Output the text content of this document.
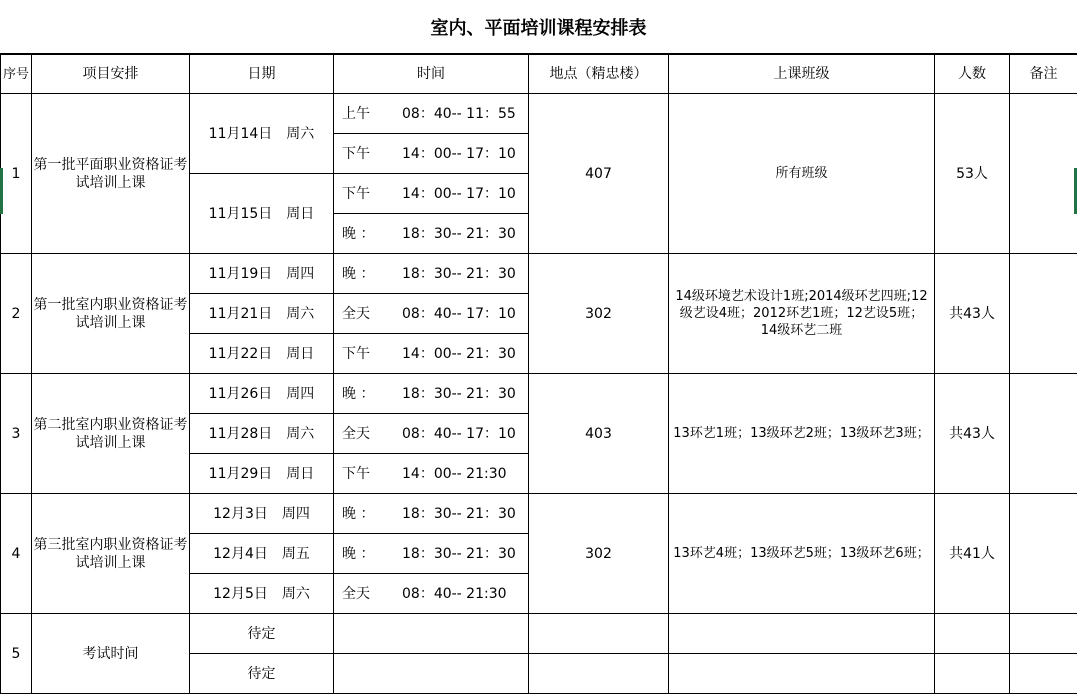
室内、平面培训课程安排表
序号	项目安排	日期	时间	地点（精忠楼）	上课班级	人数	备注
1	第一批平面职业资格证考试培训上课	11月14日　周六	上午 08：40-- 11：55	407	所有班级	53人	

			下午 14：00-- 17：10				

		11月15日　周日	下午 14：00-- 17：10				

			晚 ： 18：30-- 21：30				

2	第一批室内职业资格证考试培训上课	11月19日　周四	晚 ： 18：30-- 21：30	302	14级环境艺术设计1班;2014级环艺四班;12级艺设4班；2012环艺1班；12艺设5班；14级环艺二班	共43人	
		11月21日　周六	全天 08：40-- 17：10				

		11月22日　周日	下午 14：00-- 21：30				

3	第二批室内职业资格证考试培训上课	11月26日　周四	晚 ： 18：30-- 21：30	403	13环艺1班；13级环艺2班；13级环艺3班；	共43人	
		11月28日　周六	全天 08：40-- 17：10				

		11月29日　周日	下午 14：00-- 21:30				

4	第三批室内职业资格证考试培训上课	12月3日　周四	晚 ： 18：30-- 21：30	302	13环艺4班；13级环艺5班；13级环艺6班；	共41人	
		12月4日　周五	晚 ： 18：30-- 21：30				

		12月5日　周六	全天 08：40-- 21:30				

5	考试时间	待定					
		待定					
